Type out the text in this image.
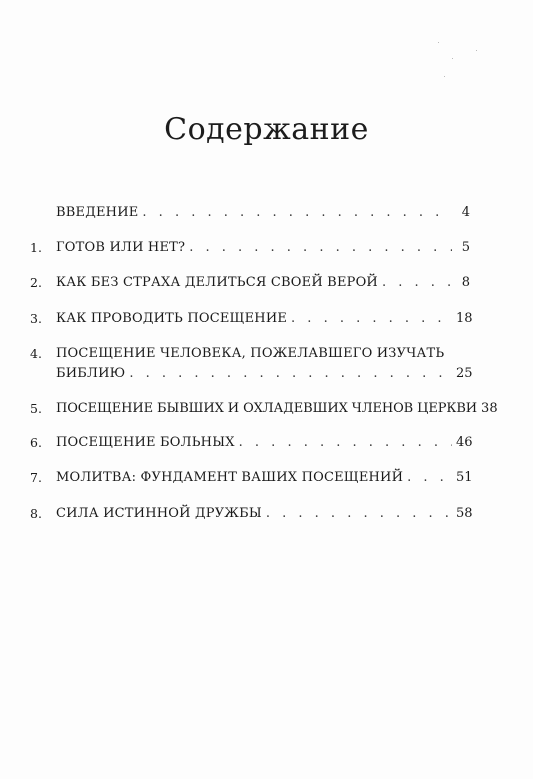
Содержание
ВВЕДЕНИЕ . . .	4
1.	ГОТОВ ИЛИ НЕТ? . . .	5
2.	КАК БЕЗ СТРАХА ДЕЛИТЬСЯ СВОЕЙ ВЕРОЙ . . .	8
3.	КАК ПРОВОДИТЬ ПОСЕЩЕНИЕ . . .	18
4.	ПОСЕЩЕНИЕ ЧЕЛОВЕКА, ПОЖЕЛАВШЕГО ИЗУЧАТЬ
БИБЛИЮ . . .	25
5.	ПОСЕЩЕНИЕ БЫВШИХ И ОХЛАДЕВШИХ ЧЛЕНОВ ЦЕРКВИ 38
6.	ПОСЕЩЕНИЕ БОЛЬНЫХ . . .	46
7.	МОЛИТВА: ФУНДАМЕНТ ВАШИХ ПОСЕЩЕНИЙ . . .	51
8.	СИЛА ИСТИННОЙ ДРУЖБЫ . . .	58
